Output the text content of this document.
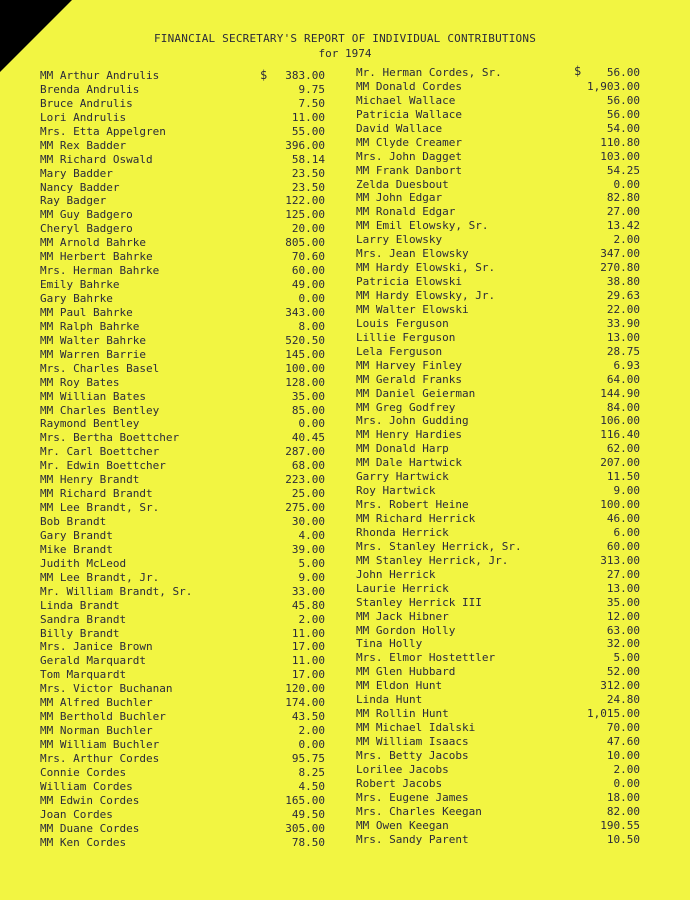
FINANCIAL SECRETARY'S REPORT OF INDIVIDUAL CONTRIBUTIONS
for 1974
$	$
MM Arthur Andrulis	383.00
Brenda Andrulis	9.75
Bruce Andrulis	7.50
Lori Andrulis	11.00
Mrs. Etta Appelgren	55.00
MM Rex Badder	396.00
MM Richard Oswald	58.14
Mary Badder	23.50
Nancy Badder	23.50
Ray Badger	122.00
MM Guy Badgero	125.00
Cheryl Badgero	20.00
MM Arnold Bahrke	805.00
MM Herbert Bahrke	70.60
Mrs. Herman Bahrke	60.00
Emily Bahrke	49.00
Gary Bahrke	0.00
MM Paul Bahrke	343.00
MM Ralph Bahrke	8.00
MM Walter Bahrke	520.50
MM Warren Barrie	145.00
Mrs. Charles Basel	100.00
MM Roy Bates	128.00
MM Willian Bates	35.00
MM Charles Bentley	85.00
Raymond Bentley	0.00
Mrs. Bertha Boettcher	40.45
Mr. Carl Boettcher	287.00
Mr. Edwin Boettcher	68.00
MM Henry Brandt	223.00
MM Richard Brandt	25.00
MM Lee Brandt, Sr.	275.00
Bob Brandt	30.00
Gary Brandt	4.00
Mike Brandt	39.00
Judith McLeod	5.00
MM Lee Brandt, Jr.	9.00
Mr. William Brandt, Sr.	33.00
Linda Brandt	45.80
Sandra Brandt	2.00
Billy Brandt	11.00
Mrs. Janice Brown	17.00
Gerald Marquardt	11.00
Tom Marquardt	17.00
Mrs. Victor Buchanan	120.00
MM Alfred Buchler	174.00
MM Berthold Buchler	43.50
MM Norman Buchler	2.00
MM William Buchler	0.00
Mrs. Arthur Cordes	95.75
Connie Cordes	8.25
William Cordes	4.50
MM Edwin Cordes	165.00
Joan Cordes	49.50
MM Duane Cordes	305.00
MM Ken Cordes	78.50
Mr. Herman Cordes, Sr.	56.00
MM Donald Cordes	1,903.00
Michael Wallace	56.00
Patricia Wallace	56.00
David Wallace	54.00
MM Clyde Creamer	110.80
Mrs. John Dagget	103.00
MM Frank Danbort	54.25
Zelda Duesbout	0.00
MM John Edgar	82.80
MM Ronald Edgar	27.00
MM Emil Elowsky, Sr.	13.42
Larry Elowsky	2.00
Mrs. Jean Elowsky	347.00
MM Hardy Elowski, Sr.	270.80
Patricia Elowski	38.80
MM Hardy Elowsky, Jr.	29.63
MM Walter Elowski	22.00
Louis Ferguson	33.90
Lillie Ferguson	13.00
Lela Ferguson	28.75
MM Harvey Finley	6.93
MM Gerald Franks	64.00
MM Daniel Geierman	144.90
MM Greg Godfrey	84.00
Mrs. John Gudding	106.00
MM Henry Hardies	116.40
MM Donald Harp	62.00
MM Dale Hartwick	207.00
Garry Hartwick	11.50
Roy Hartwick	9.00
Mrs. Robert Heine	100.00
MM Richard Herrick	46.00
Rhonda Herrick	6.00
Mrs. Stanley Herrick, Sr.	60.00
MM Stanley Herrick, Jr.	313.00
John Herrick	27.00
Laurie Herrick	13.00
Stanley Herrick III	35.00
MM Jack Hibner	12.00
MM Gordon Holly	63.00
Tina Holly	32.00
Mrs. Elmor Hostettler	5.00
MM Glen Hubbard	52.00
MM Eldon Hunt	312.00
Linda Hunt	24.80
MM Rollin Hunt	1,015.00
MM Michael Idalski	70.00
MM William Isaacs	47.60
Mrs. Betty Jacobs	10.00
Lorilee Jacobs	2.00
Robert Jacobs	0.00
Mrs. Eugene James	18.00
Mrs. Charles Keegan	82.00
MM Owen Keegan	190.55
Mrs. Sandy Parent	10.50
